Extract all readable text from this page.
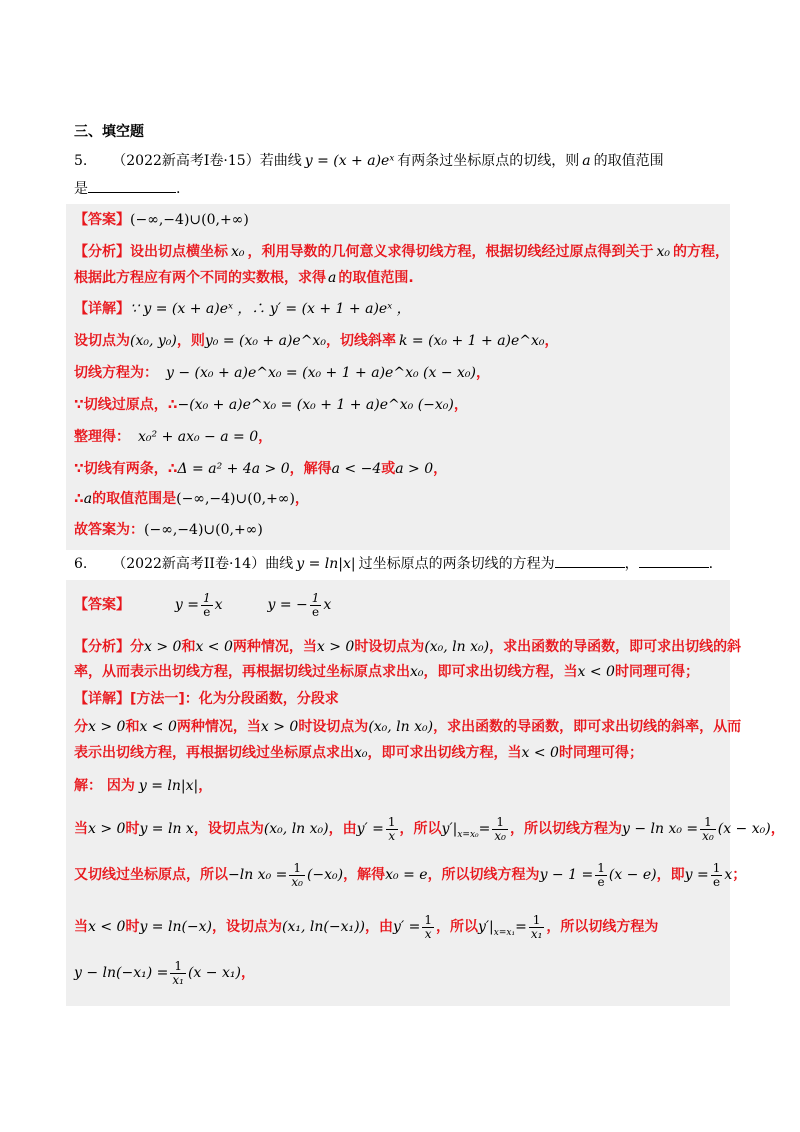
三、填空题
5. （2022新高考I卷·15）若曲线 y = (x + a)eˣ 有两条过坐标原点的切线，则 a 的取值范围
是	.
【答案】(−∞,−4)∪(0,+∞)
【分析】设出切点横坐标 x₀ ，利用导数的几何意义求得切线方程，根据切线经过原点得到关于 x₀ 的方程，
根据此方程应有两个不同的实数根，求得 a 的取值范围.
【详解】∵ y = (x + a)eˣ ，∴ y′ = (x + 1 + a)eˣ ，
设切点为(x₀, y₀)，则y₀ = (x₀ + a)e^x₀，切线斜率 k = (x₀ + 1 + a)e^x₀，
切线方程为： y − (x₀ + a)e^x₀ = (x₀ + 1 + a)e^x₀ (x − x₀)，
∵切线过原点，∴−(x₀ + a)e^x₀ = (x₀ + 1 + a)e^x₀ (−x₀)，
整理得： x₀² + ax₀ − a = 0，
∵切线有两条，∴Δ = a² + 4a > 0，解得a < −4或a > 0，
∴a的取值范围是(−∞,−4)∪(0,+∞)，
故答案为：(−∞,−4)∪(0,+∞)
6. （2022新高考II卷·14）曲线 y = ln|x| 过坐标原点的两条切线的方程为	，	.
【答案】	$y = \frac{1}{e}$ x	y = − $\frac{1}{e}$ x
【分析】分x > 0和x < 0两种情况，当x > 0时设切点为(x₀, ln x₀)，求出函数的导函数，即可求出切线的斜
率，从而表示出切线方程，再根据切线过坐标原点求出x₀，即可求出切线方程，当x < 0时同理可得；
【详解】[方法一]：化为分段函数，分段求
分x > 0和x < 0两种情况，当x > 0时设切点为(x₀, ln x₀)，求出函数的导函数，即可求出切线的斜率，从而
表示出切线方程，再根据切线过坐标原点求出x₀，即可求出切线方程，当x < 0时同理可得；
解： 因为 y = ln|x|，
当x > 0时y = ln x，设切点为(x₀, ln x₀)，由$y' = \frac{1}{x}$ ，所以$y'|_{x=x_0}= \frac{1}{\text{x₀}}$ ，所以切线方程为$y - \ln x_0 = \frac{1}{\text{x₀}} (x - x_0)$，
又切线过坐标原点，所以−ln $x_0 = \frac{1}{\text{x₀}} (-x_0)$，解得x₀ = e，所以切线方程为$y - 1 = \frac{1}{e} (x - e)$，即$y = \frac{1}{e}$ x；
当x < 0时y = ln(−x)，设切点为(x₁, ln(−x₁))，由$y' = \frac{1}{x}$ ，所以$y'|_{x=x_1}= \frac{1}{\text{x₁}}$ ，所以切线方程为
$y - \ln(-x_1) = \frac{1}{\text{x₁}} (x - x_1)$，
